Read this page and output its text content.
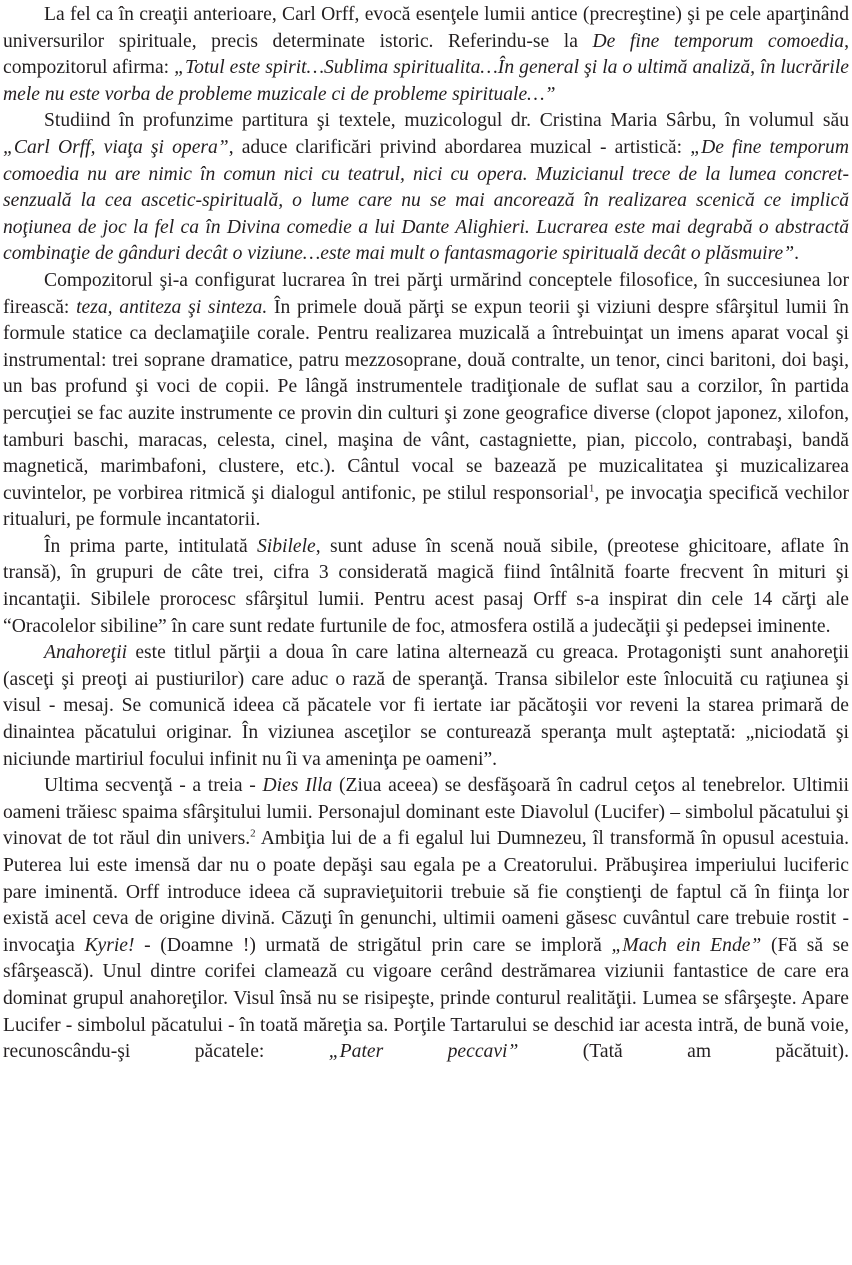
La fel ca în creaţii anterioare, Carl Orff, evocă esenţele lumii antice (precreştine) şi pe cele aparţinând universurilor spirituale, precis determinate istoric. Referindu-se la De fine temporum comoedia, compozitorul afirma: „Totul este spirit…Sublima spiritualita…În general şi la o ultimă analiză, în lucrările mele nu este vorba de probleme muzicale ci de probleme spirituale…”

Studiind în profunzime partitura şi textele, muzicologul dr. Cristina Maria Sârbu, în volumul său „Carl Orff, viaţa şi opera”, aduce clarificări privind abordarea muzical - artistică: „De fine temporum comoedia nu are nimic în comun nici cu teatrul, nici cu opera. Muzicianul trece de la lumea concret-senzuală la cea ascetic-spirituală, o lume care nu se mai ancorează în realizarea scenică ce implică noţiunea de joc la fel ca în Divina comedie a lui Dante Alighieri. Lucrarea este mai degrabă o abstractă combinaţie de gânduri decât o viziune…este mai mult o fantasmagorie spirituală decât o plăsmuire”.

Compozitorul şi-a configurat lucrarea în trei părţi urmărind conceptele filosofice, în succesiunea lor firească: teza, antiteza şi sinteza. În primele două părţi se expun teorii şi viziuni despre sfârşitul lumii în formule statice ca declamaţiile corale. Pentru realizarea muzicală a întrebuinţat un imens aparat vocal şi instrumental: trei soprane dramatice, patru mezzosoprane, două contralte, un tenor, cinci baritoni, doi başi, un bas profund şi voci de copii. Pe lângă instrumentele tradiţionale de suflat sau a corzilor, în partida percuţiei se fac auzite instrumente ce provin din culturi şi zone geografice diverse (clopot japonez, xilofon, tamburi baschi, maracas, celesta, cinel, maşina de vânt, castagniette, pian, piccolo, contrabaşi, bandă magnetică, marimbafoni, clustere, etc.). Cântul vocal se bazează pe muzicalitatea şi muzicalizarea cuvintelor, pe vorbirea ritmică şi dialogul antifonic, pe stilul responsorial$^1$, pe invocaţia specifică vechilor ritualuri, pe formule incantatorii.

În prima parte, intitulată Sibilele, sunt aduse în scenă nouă sibile, (preotese ghicitoare, aflate în transă), în grupuri de câte trei, cifra 3 considerată magică fiind întâlnită foarte frecvent în mituri şi incantaţii. Sibilele prorocesc sfârşitul lumii. Pentru acest pasaj Orff s-a inspirat din cele 14 cărţi ale “Oracolelor sibiline” în care sunt redate furtunile de foc, atmosfera ostilă a judecăţii şi pedepsei iminente.

Anahoreţii este titlul părţii a doua în care latina alternează cu greaca. Protagonişti sunt anahoreţii (asceţi şi preoţi ai pustiurilor) care aduc o rază de speranţă. Transa sibilelor este înlocuită cu raţiunea şi visul - mesaj. Se comunică ideea că păcatele vor fi iertate iar păcătoşii vor reveni la starea primară de dinaintea păcatului originar. În viziunea asceţilor se conturează speranţa mult aşteptată: „niciodată şi niciunde martiriul focului infinit nu îi va ameninţa pe oameni”.

Ultima secvenţă - a treia - Dies Illa (Ziua aceea) se desfăşoară în cadrul ceţos al tenebrelor. Ultimii oameni trăiesc spaima sfârşitului lumii. Personajul dominant este Diavolul (Lucifer) – simbolul păcatului şi vinovat de tot răul din univers.$^2$ Ambiţia lui de a fi egalul lui Dumnezeu, îl transformă în opusul acestuia. Puterea lui este imensă dar nu o poate depăşi sau egala pe a Creatorului. Prăbuşirea imperiului luciferic pare iminentă. Orff introduce ideea că supravieţuitorii trebuie să fie conştienţi de faptul că în fiinţa lor există acel ceva de origine divină. Căzuţi în genunchi, ultimii oameni găsesc cuvântul care trebuie rostit - invocaţia Kyrie! - (Doamne !) urmată de strigătul prin care se imploră „Mach ein Ende” (Fă să se sfârşească). Unul dintre corifei clamează cu vigoare cerând destrămarea viziunii fantastice de care era dominat grupul anahoreţilor. Visul însă nu se risipeşte, prinde conturul realităţii. Lumea se sfârşeşte. Apare Lucifer - simbolul păcatului - în toată măreţia sa. Porţile Tartarului se deschid iar acesta intră, de bună voie, recunoscându-şi păcatele: „Pater peccavi” (Tată am păcătuit).
